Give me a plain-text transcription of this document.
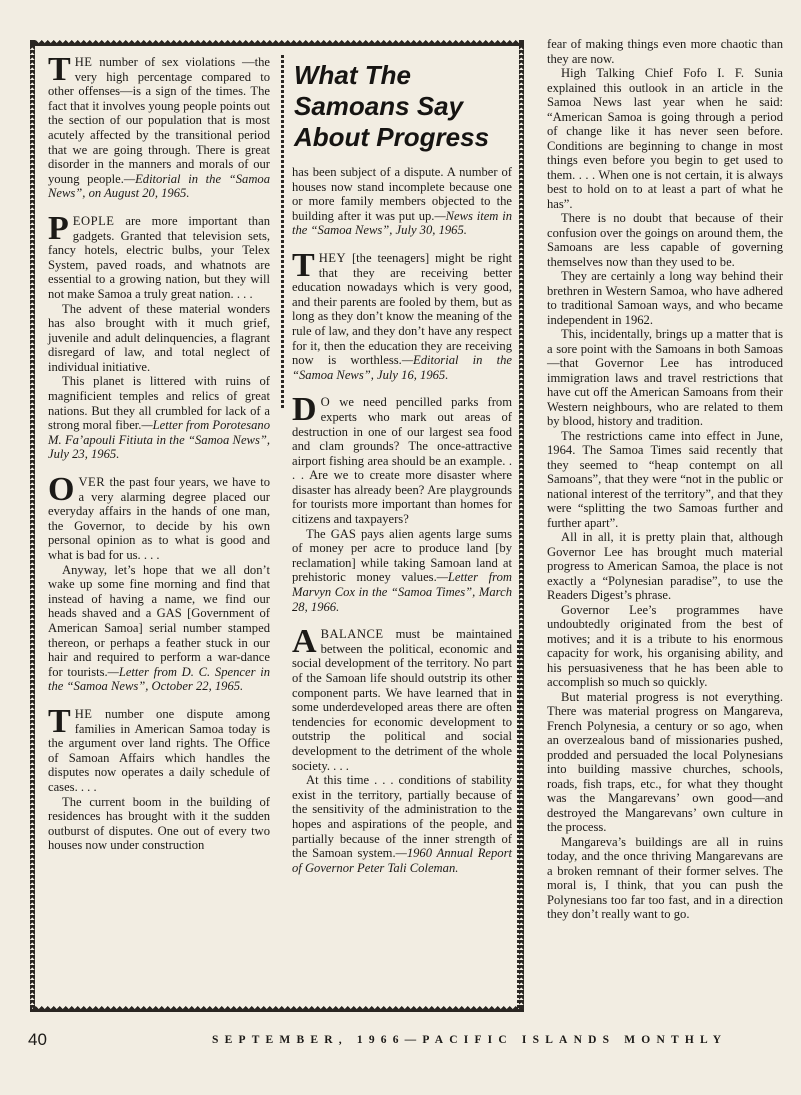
THE number of sex violations —the very high percentage compared to other offenses—is a sign of the times. The fact that it involves young people points out the section of our population that is most acutely affected by the transitional period that we are going through. There is great disorder in the manners and morals of our young people.—Editorial in the “Samoa News”, on August 20, 1965.

PEOPLE are more important than gadgets. Granted that television sets, fancy hotels, electric bulbs, your Telex System, paved roads, and whatnots are essential to a growing nation, but they will not make Samoa a truly great nation. . . .

The advent of these material wonders has also brought with it much grief, juvenile and adult delinquencies, a flagrant disregard of law, and total neglect of individual initiative.

This planet is littered with ruins of magnificient temples and relics of great nations. But they all crumbled for lack of a strong moral fiber.—Letter from Porotesano M. Fa’apouli Fitiuta in the “Samoa News”, July 23, 1965.

OVER the past four years, we have to a very alarming degree placed our everyday affairs in the hands of one man, the Governor, to decide by his own personal opinion as to what is good and what is bad for us. . . .

Anyway, let’s hope that we all don’t wake up some fine morning and find that instead of having a name, we find our heads shaved and a GAS [Government of American Samoa] serial number stamped thereon, or perhaps a feather stuck in our hair and required to perform a war-dance for tourists.—Letter from D. C. Spencer in the “Samoa News”, October 22, 1965.

THE number one dispute among families in American Samoa today is the argument over land rights. The Office of Samoan Affairs which handles the disputes now operates a daily schedule of cases. . . .

The current boom in the building of residences has brought with it the sudden outburst of disputes. One out of every two houses now under construction

What The
Samoans Say
About Progress

has been subject of a dispute. A number of houses now stand incomplete because one or more family members objected to the building after it was put up.—News item in the “Samoa News”, July 30, 1965.

THEY [the teenagers] might be right that they are receiving better education nowadays which is very good, and their parents are fooled by them, but as long as they don’t know the meaning of the rule of law, and they don’t have any respect for it, then the education they are receiving now is worthless.—Editorial in the “Samoa News”, July 16, 1965.

D O we need pencilled parks from experts who mark out areas of destruction in one of our largest sea food and clam grounds? The once-attractive airport fishing area should be an example. . . . Are we to create more disaster where disaster has already been? Are playgrounds for tourists more important than homes for citizens and taxpayers?

The GAS pays alien agents large sums of money per acre to produce land [by reclamation] while taking Samoan land at prehistoric money values.—Letter from Marvyn Cox in the “Samoa Times”, March 28, 1966.

ABALANCE must be maintained between the political, economic and social development of the territory. No part of the Samoan life should outstrip its other component parts. We have learned that in some underdeveloped areas there are often tendencies for economic development to outstrip the political and social development to the detriment of the whole society. . . .

At this time . . . conditions of stability exist in the territory, partially because of the sensitivity of the administration to the hopes and aspirations of the people, and partially because of the inner strength of the Samoan system.—1960 Annual Report of Governor Peter Tali Coleman.

fear of making things even more chaotic than they are now.

High Talking Chief Fofo I. F. Sunia explained this outlook in an article in the Samoa News last year when he said: “American Samoa is going through a period of change like it has never seen before. Conditions are beginning to change in most things even before you begin to get used to them. . . . When one is not certain, it is always best to hold on to at least a part of what he has”.

There is no doubt that because of their confusion over the goings on around them, the Samoans are less capable of governing themselves now than they used to be.

They are certainly a long way behind their brethren in Western Samoa, who have adhered to traditional Samoan ways, and who became independent in 1962.

This, incidentally, brings up a matter that is a sore point with the Samoans in both Samoas—that Governor Lee has introduced immigration laws and travel restrictions that have cut off the American Samoans from their Western neighbours, who are related to them by blood, history and tradition.

The restrictions came into effect in June, 1964. The Samoa Times said recently that they seemed to “heap contempt on all Samoans”, that they were “not in the public or national interest of the territory”, and that they were “splitting the two Samoas further and further apart”.

All in all, it is pretty plain that, although Governor Lee has brought much material progress to American Samoa, the place is not exactly a “Polynesian paradise”, to use the Readers Digest’s phrase.

Governor Lee’s programmes have undoubtedly originated from the best of motives; and it is a tribute to his enormous capacity for work, his organising ability, and his persuasiveness that he has been able to accomplish so much so quickly.

But material progress is not everything. There was material progress on Mangareva, French Polynesia, a century or so ago, when an overzealous band of missionaries pushed, prodded and persuaded the local Polynesians into building massive churches, schools, roads, fish traps, etc., for what they thought was the Mangarevans’ own good—and destroyed the Mangarevans’ own culture in the process.

Mangareva’s buildings are all in ruins today, and the once thriving Mangarevans are a broken remnant of their former selves. The moral is, I think, that you can push the Polynesians too far too fast, and in a direction they don’t really want to go.

40	SEPTEMBER, 1966—PACIFIC ISLANDS MONTHLY
